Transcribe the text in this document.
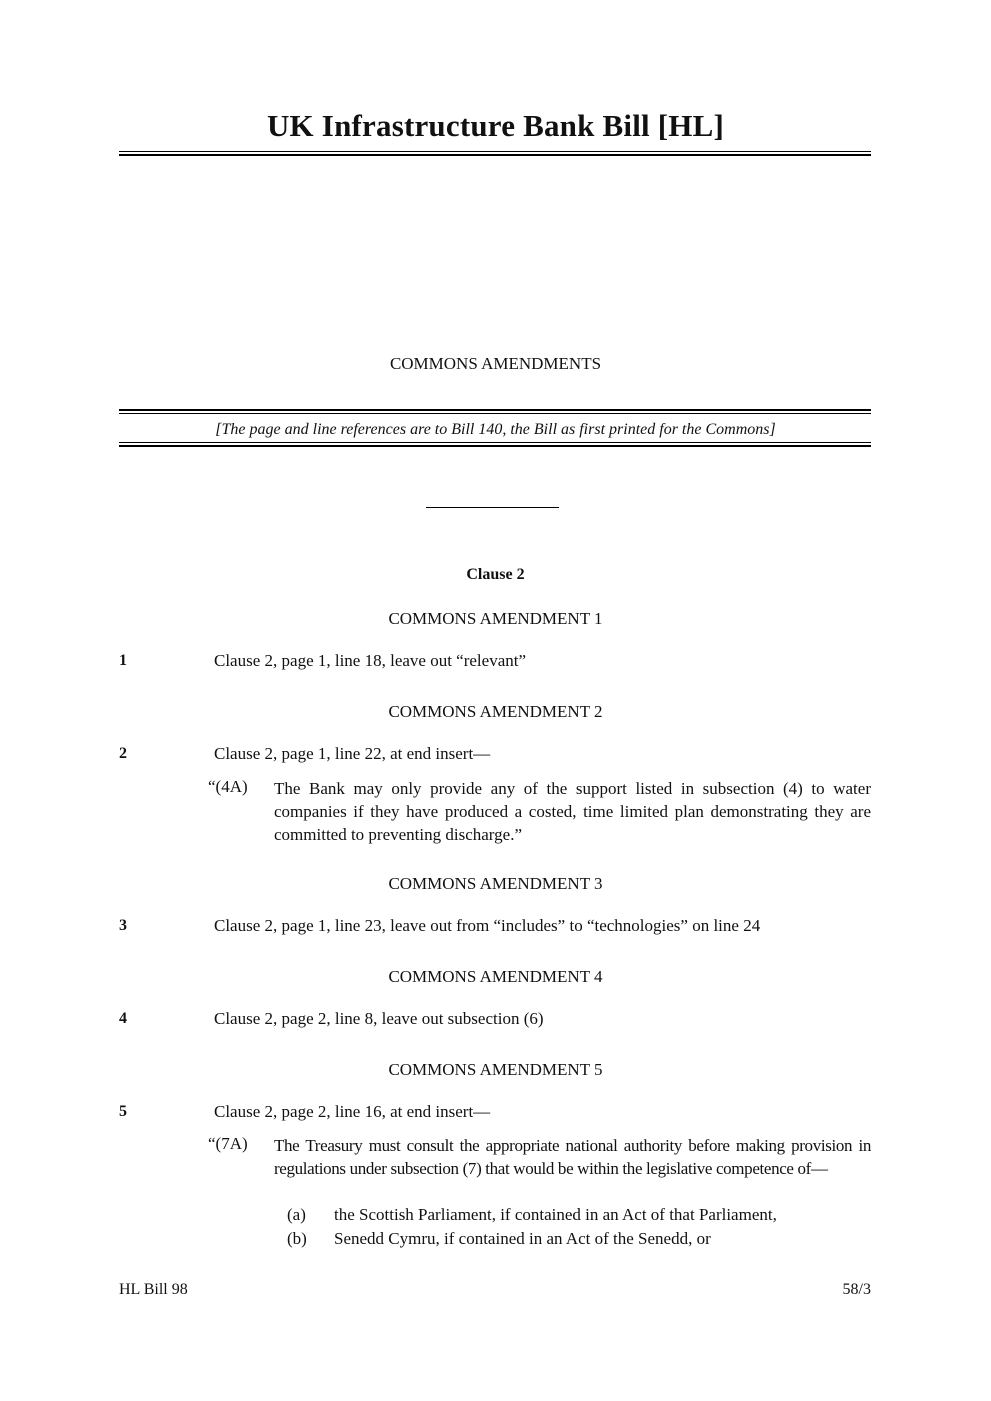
UK Infrastructure Bank Bill [HL]
COMMONS AMENDMENTS
[The page and line references are to Bill 140, the Bill as first printed for the Commons]
Clause 2
COMMONS AMENDMENT 1
1	Clause 2, page 1, line 18, leave out “relevant”
COMMONS AMENDMENT 2
2	Clause 2, page 1, line 22, at end insert—
“(4A) The Bank may only provide any of the support listed in subsection (4) to water companies if they have produced a costed, time limited plan demonstrating they are committed to preventing discharge.”
COMMONS AMENDMENT 3
3	Clause 2, page 1, line 23, leave out from “includes” to “technologies” on line 24
COMMONS AMENDMENT 4
4	Clause 2, page 2, line 8, leave out subsection (6)
COMMONS AMENDMENT 5
5	Clause 2, page 2, line 16, at end insert—
“(7A) The Treasury must consult the appropriate national authority before making provision in regulations under subsection (7) that would be within the legislative competence of—
(a) the Scottish Parliament, if contained in an Act of that Parliament,
(b) Senedd Cymru, if contained in an Act of the Senedd, or
HL Bill 98	58/3
